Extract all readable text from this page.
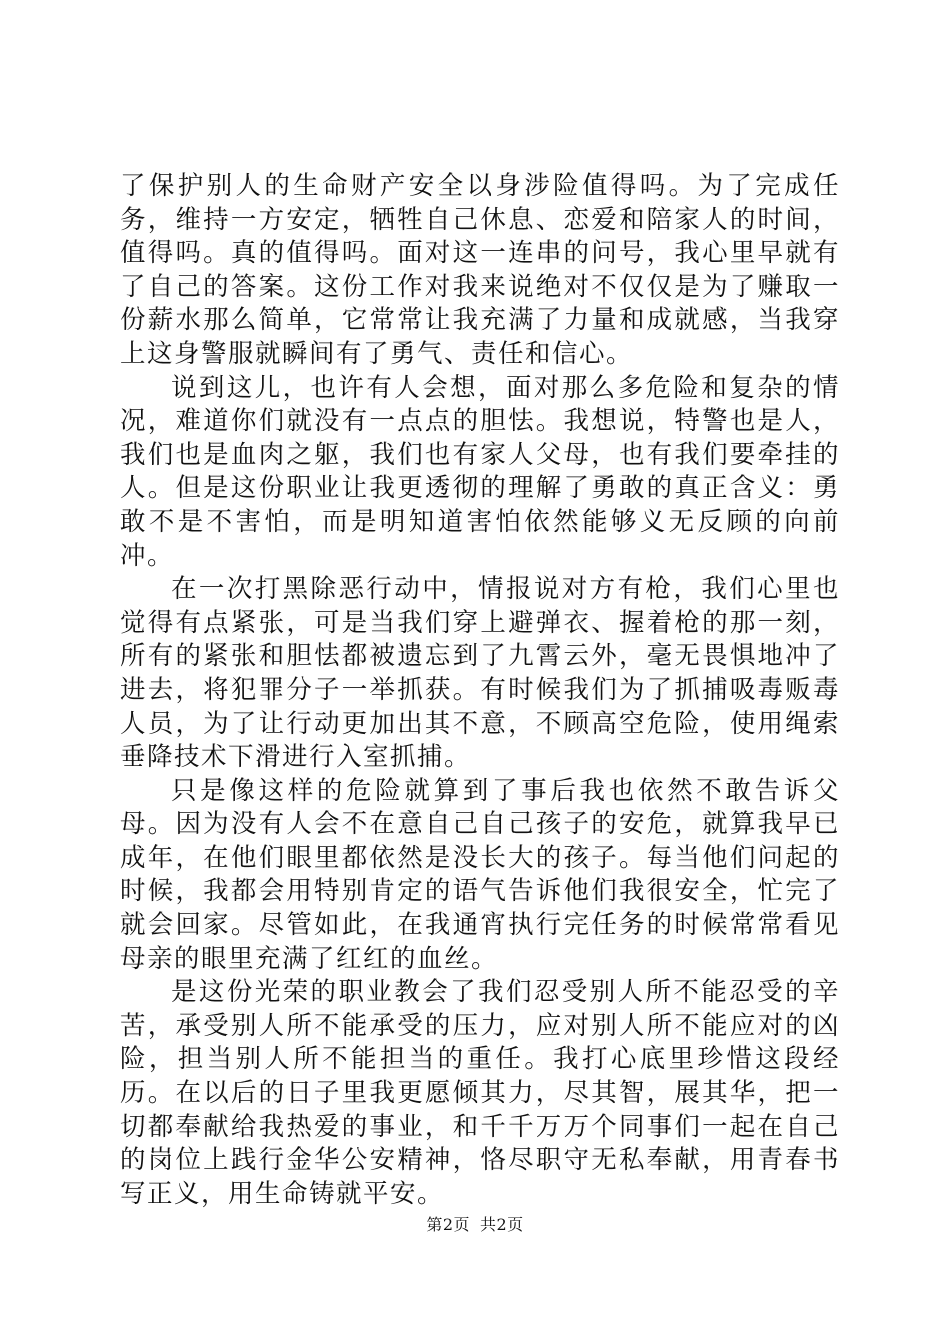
了保护别人的生命财产安全以身涉险值得吗。为了完成任务，维持一方安定，牺牲自己休息、恋爱和陪家人的时间，值得吗。真的值得吗。面对这一连串的问号，我心里早就有了自己的答案。这份工作对我来说绝对不仅仅是为了赚取一份薪水那么简单，它常常让我充满了力量和成就感，当我穿上这身警服就瞬间有了勇气、责任和信心。

说到这儿，也许有人会想，面对那么多危险和复杂的情况，难道你们就没有一点点的胆怯。我想说，特警也是人，我们也是血肉之躯，我们也有家人父母，也有我们要牵挂的人。但是这份职业让我更透彻的理解了勇敢的真正含义：勇敢不是不害怕，而是明知道害怕依然能够义无反顾的向前冲。

在一次打黑除恶行动中，情报说对方有枪，我们心里也觉得有点紧张，可是当我们穿上避弹衣、握着枪的那一刻，所有的紧张和胆怯都被遗忘到了九霄云外，毫无畏惧地冲了进去，将犯罪分子一举抓获。有时候我们为了抓捕吸毒贩毒人员，为了让行动更加出其不意，不顾高空危险，使用绳索垂降技术下滑进行入室抓捕。

只是像这样的危险就算到了事后我也依然不敢告诉父母。因为没有人会不在意自己自己孩子的安危，就算我早已成年，在他们眼里都依然是没长大的孩子。每当他们问起的时候，我都会用特别肯定的语气告诉他们我很安全，忙完了就会回家。尽管如此，在我通宵执行完任务的时候常常看见母亲的眼里充满了红红的血丝。

是这份光荣的职业教会了我们忍受别人所不能忍受的辛苦，承受别人所不能承受的压力，应对别人所不能应对的凶险，担当别人所不能担当的重任。我打心底里珍惜这段经历。在以后的日子里我更愿倾其力，尽其智，展其华，把一切都奉献给我热爱的事业，和千千万万个同事们一起在自己的岗位上践行金华公安精神，恪尽职守无私奉献，用青春书写正义，用生命铸就平安。

第2页 共2页
